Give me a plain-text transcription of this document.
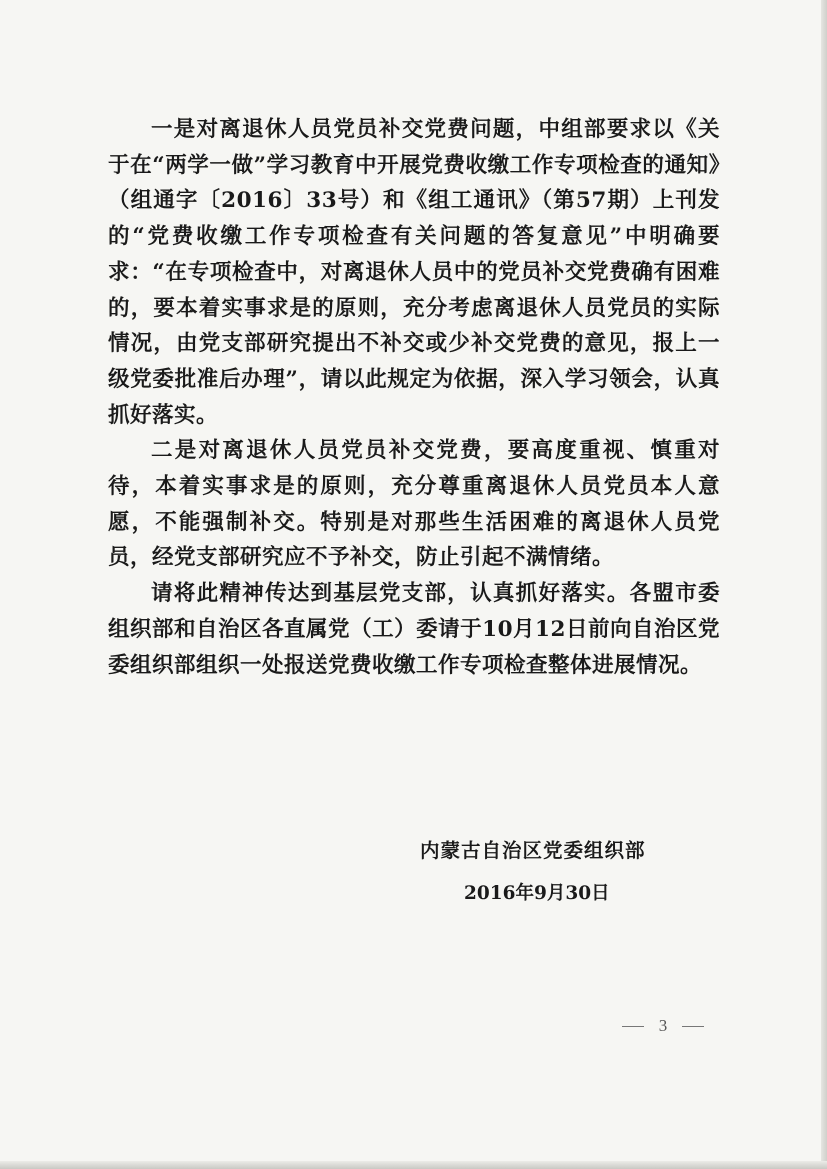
一是对离退休人员党员补交党费问题，中组部要求以《关于在“两学一做”学习教育中开展党费收缴工作专项检查的通知》（组通字〔2016〕33号）和《组工通讯》（第57期）上刊发的“党费收缴工作专项检查有关问题的答复意见”中明确要求：“在专项检查中，对离退休人员中的党员补交党费确有困难的，要本着实事求是的原则，充分考虑离退休人员党员的实际情况，由党支部研究提出不补交或少补交党费的意见，报上一级党委批准后办理”，请以此规定为依据，深入学习领会，认真抓好落实。

二是对离退休人员党员补交党费，要高度重视、慎重对待，本着实事求是的原则，充分尊重离退休人员党员本人意愿，不能强制补交。特别是对那些生活困难的离退休人员党员，经党支部研究应不予补交，防止引起不满情绪。

请将此精神传达到基层党支部，认真抓好落实。各盟市委组织部和自治区各直属党（工）委请于10月12日前向自治区党委组织部组织一处报送党费收缴工作专项检查整体进展情况。

内蒙古自治区党委组织部
2016年9月30日
3
